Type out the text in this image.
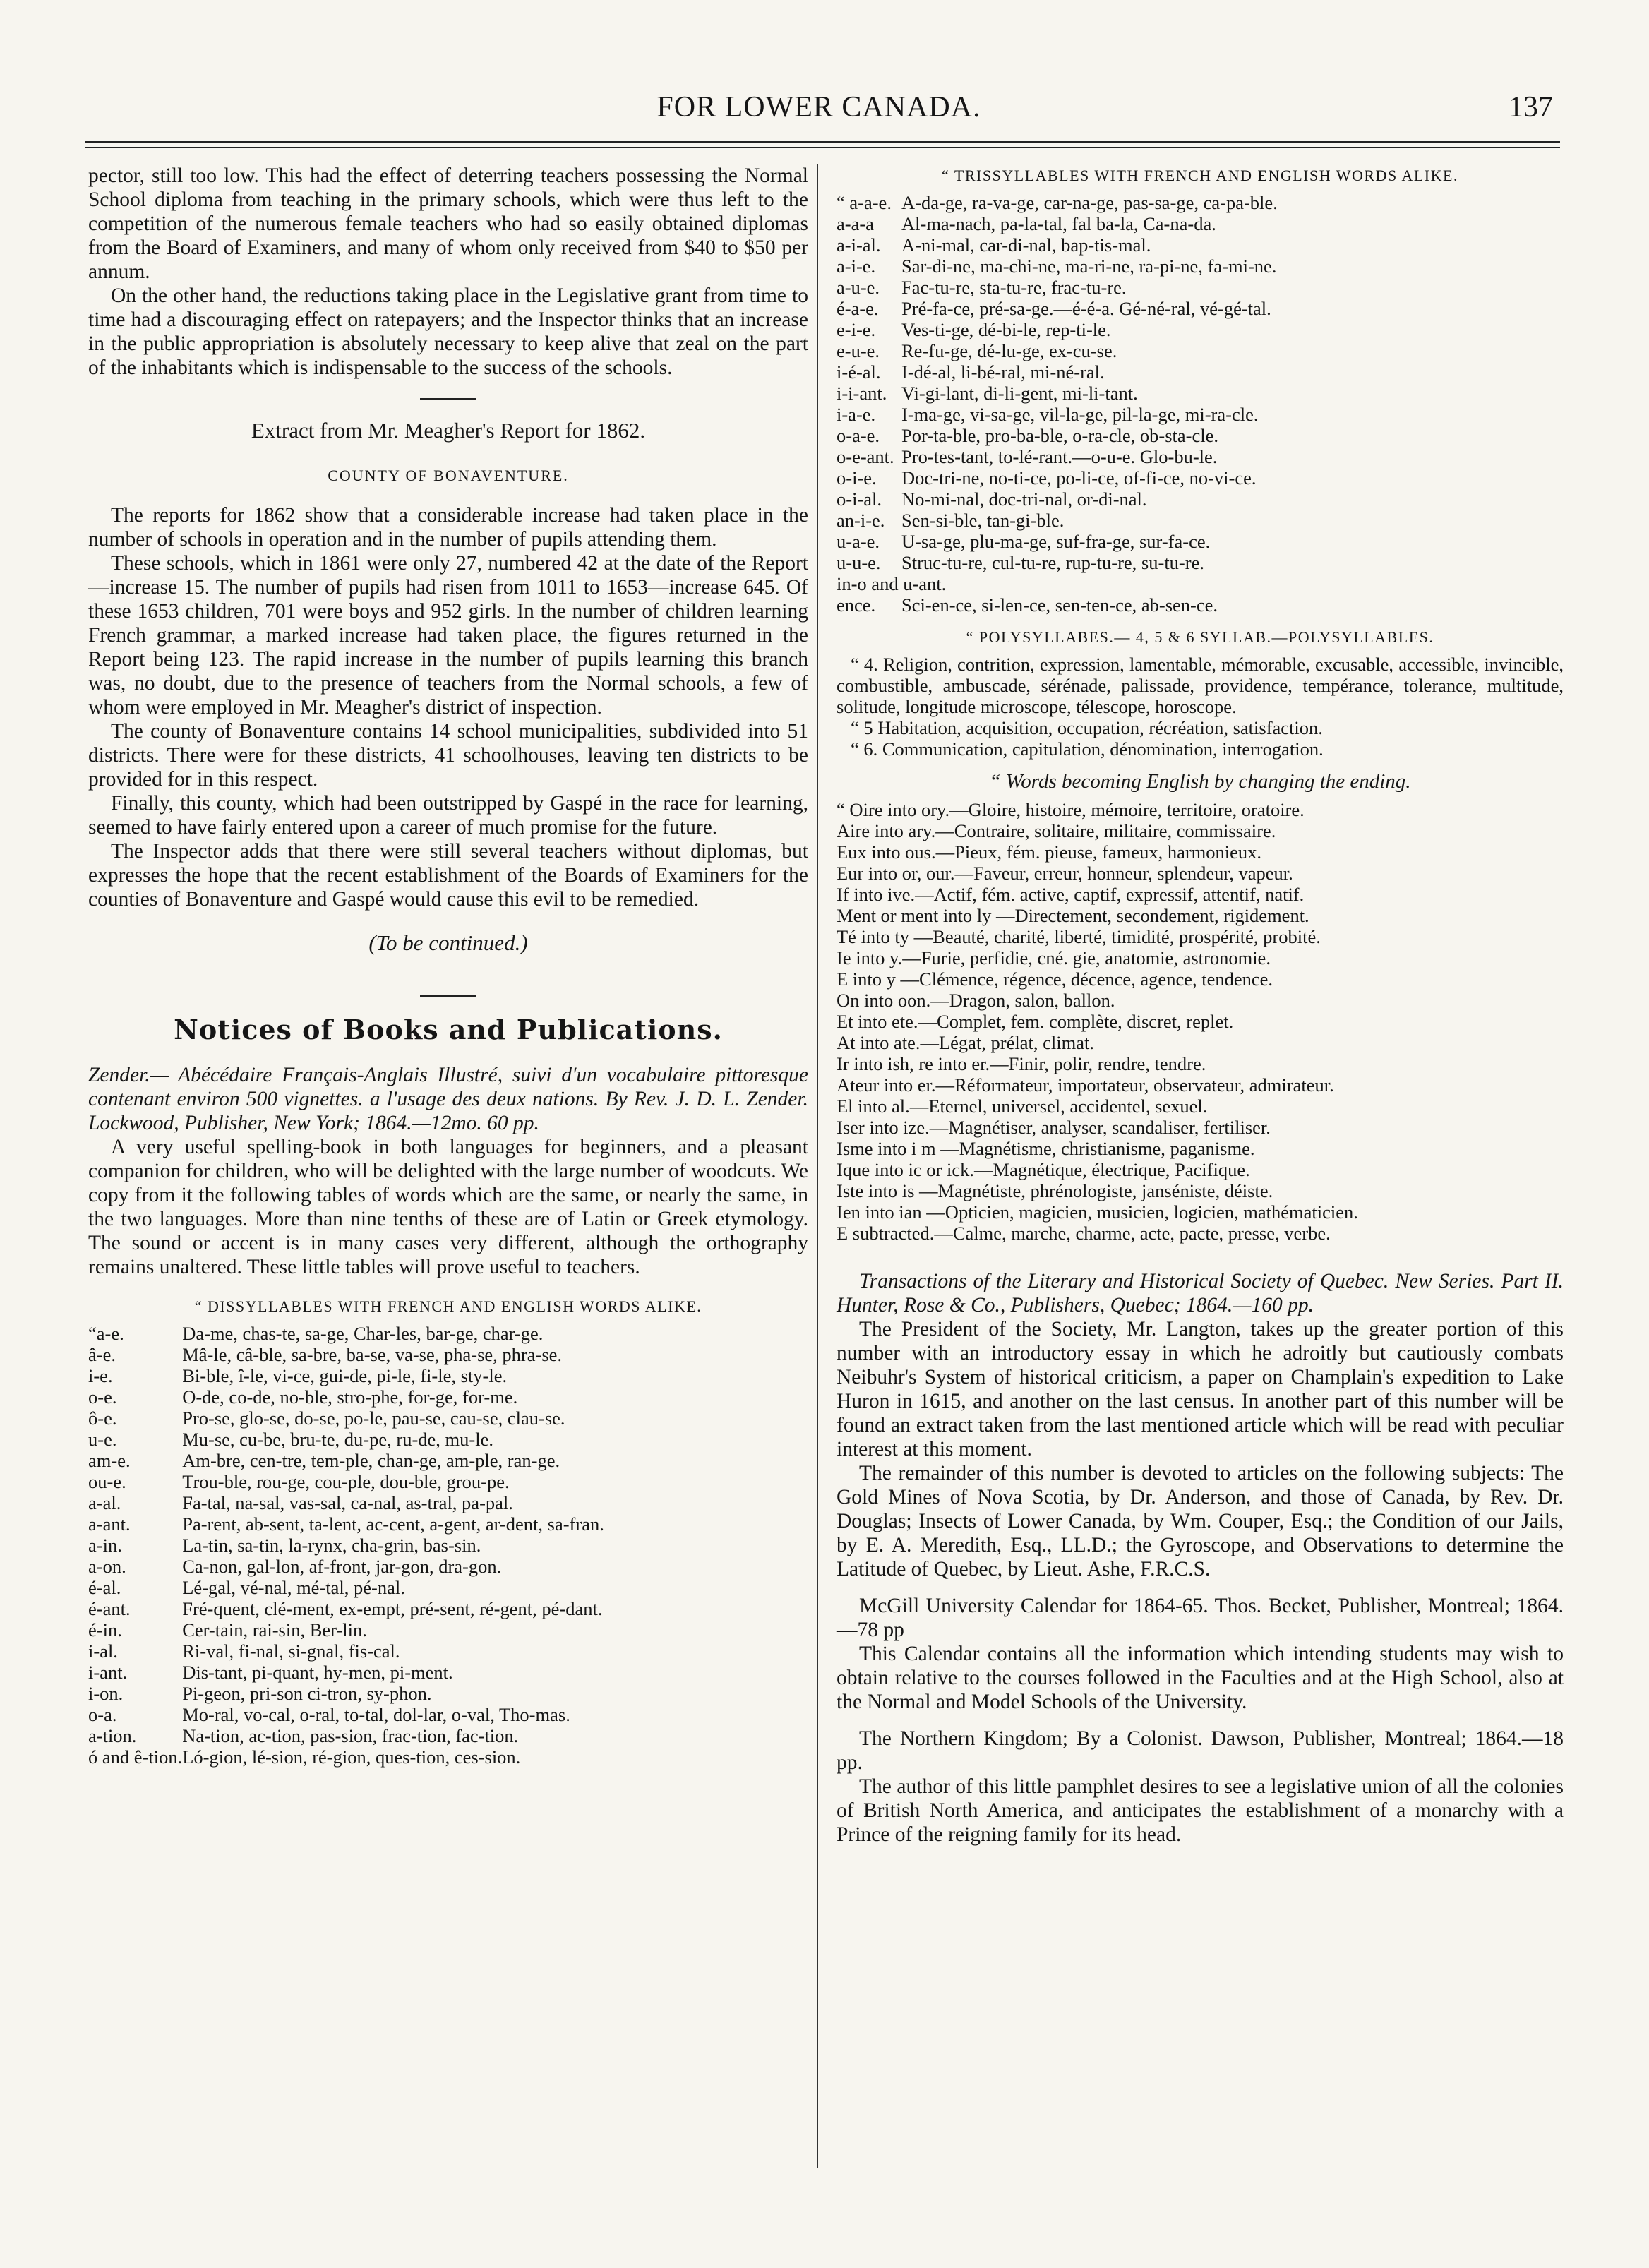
FOR LOWER CANADA.	137

pector, still too low. This had the effect of deterring teachers possessing the Normal School diploma from teaching in the primary schools, which were thus left to the competition of the numerous female teachers who had so easily obtained diplomas from the Board of Examiners, and many of whom only received from $40 to $50 per annum.

On the other hand, the reductions taking place in the Legislative grant from time to time had a discouraging effect on ratepayers; and the Inspector thinks that an increase in the public appropriation is absolutely necessary to keep alive that zeal on the part of the inhabitants which is indispensable to the success of the schools.

Extract from Mr. Meagher's Report for 1862.

COUNTY OF BONAVENTURE.

The reports for 1862 show that a considerable increase had taken place in the number of schools in operation and in the number of pupils attending them.

These schools, which in 1861 were only 27, numbered 42 at the date of the Report—increase 15. The number of pupils had risen from 1011 to 1653—increase 645. Of these 1653 children, 701 were boys and 952 girls. In the number of children learning French grammar, a marked increase had taken place, the figures returned in the Report being 123. The rapid increase in the number of pupils learning this branch was, no doubt, due to the presence of teachers from the Normal schools, a few of whom were employed in Mr. Meagher's district of inspection.

The county of Bonaventure contains 14 school municipalities, subdivided into 51 districts. There were for these districts, 41 schoolhouses, leaving ten districts to be provided for in this respect.

Finally, this county, which had been outstripped by Gaspé in the race for learning, seemed to have fairly entered upon a career of much promise for the future.

The Inspector adds that there were still several teachers without diplomas, but expresses the hope that the recent establishment of the Boards of Examiners for the counties of Bonaventure and Gaspé would cause this evil to be remedied.

(To be continued.)

Notices of Books and Publications.

Zender.— Abécédaire Français-Anglais Illustré, suivi d'un vocabulaire pittoresque contenant environ 500 vignettes. a l'usage des deux nations. By Rev. J. D. L. Zender. Lockwood, Publisher, New York; 1864.—12mo. 60 pp.

A very useful spelling-book in both languages for beginners, and a pleasant companion for children, who will be delighted with the large number of woodcuts. We copy from it the following tables of words which are the same, or nearly the same, in the two languages. More than nine tenths of these are of Latin or Greek etymology. The sound or accent is in many cases very different, although the orthography remains unaltered. These little tables will prove useful to teachers.

“ DISSYLLABLES WITH FRENCH AND ENGLISH WORDS ALIKE.
“a-e.	Da-me, chas-te, sa-ge, Char-les, bar-ge, char-ge.
â-e.	Mâ-le, câ-ble, sa-bre, ba-se, va-se, pha-se, phra-se.
i-e.	Bi-ble, î-le, vi-ce, gui-de, pi-le, fi-le, sty-le.
o-e.	O-de, co-de, no-ble, stro-phe, for-ge, for-me.
ô-e.	Pro-se, glo-se, do-se, po-le, pau-se, cau-se, clau-se.
u-e.	Mu-se, cu-be, bru-te, du-pe, ru-de, mu-le.
am-e.	Am-bre, cen-tre, tem-ple, chan-ge, am-ple, ran-ge.
ou-e.	Trou-ble, rou-ge, cou-ple, dou-ble, grou-pe.
a-al.	Fa-tal, na-sal, vas-sal, ca-nal, as-tral, pa-pal.
a-ant.	Pa-rent, ab-sent, ta-lent, ac-cent, a-gent, ar-dent, sa-fran.
a-in.	La-tin, sa-tin, la-rynx, cha-grin, bas-sin.
a-on.	Ca-non, gal-lon, af-front, jar-gon, dra-gon.
é-al.	Lé-gal, vé-nal, mé-tal, pé-nal.
é-ant.	Fré-quent, clé-ment, ex-empt, pré-sent, ré-gent, pé-dant.
é-in.	Cer-tain, rai-sin, Ber-lin.
i-al.	Ri-val, fi-nal, si-gnal, fis-cal.
i-ant.	Dis-tant, pi-quant, hy-men, pi-ment.
i-on.	Pi-geon, pri-son ci-tron, sy-phon.
o-a.	Mo-ral, vo-cal, o-ral, to-tal, dol-lar, o-val, Tho-mas.
a-tion.	Na-tion, ac-tion, pas-sion, frac-tion, fac-tion.
ó and ê-tion.	Ló-gion, lé-sion, ré-gion, ques-tion, ces-sion.
“ TRISSYLLABLES WITH FRENCH AND ENGLISH WORDS ALIKE.
“ a-a-e.	A-da-ge, ra-va-ge, car-na-ge, pas-sa-ge, ca-pa-ble.
a-a-a	Al-ma-nach, pa-la-tal, fal ba-la, Ca-na-da.
a-i-al.	A-ni-mal, car-di-nal, bap-tis-mal.
a-i-e.	Sar-di-ne, ma-chi-ne, ma-ri-ne, ra-pi-ne, fa-mi-ne.
a-u-e.	Fac-tu-re, sta-tu-re, frac-tu-re.
é-a-e.	Pré-fa-ce, pré-sa-ge.—é-é-a. Gé-né-ral, vé-gé-tal.
e-i-e.	Ves-ti-ge, dé-bi-le, rep-ti-le.
e-u-e.	Re-fu-ge, dé-lu-ge, ex-cu-se.
i-é-al.	I-dé-al, li-bé-ral, mi-né-ral.
i-i-ant.	Vi-gi-lant, di-li-gent, mi-li-tant.
i-a-e.	I-ma-ge, vi-sa-ge, vil-la-ge, pil-la-ge, mi-ra-cle.
o-a-e.	Por-ta-ble, pro-ba-ble, o-ra-cle, ob-sta-cle.
o-e-ant.	Pro-tes-tant, to-lé-rant.—o-u-e. Glo-bu-le.
o-i-e.	Doc-tri-ne, no-ti-ce, po-li-ce, of-fi-ce, no-vi-ce.
o-i-al.	No-mi-nal, doc-tri-nal, or-di-nal.
an-i-e.	Sen-si-ble, tan-gi-ble.
u-a-e.	U-sa-ge, plu-ma-ge, suf-fra-ge, sur-fa-ce.
u-u-e.	Struc-tu-re, cul-tu-re, rup-tu-re, su-tu-re.
in-o and u-ant.	
ence.	Sci-en-ce, si-len-ce, sen-ten-ce, ab-sen-ce.
“ POLYSYLLABES.— 4, 5 & 6 SYLLAB.—POLYSYLLABLES.

“ 4. Religion, contrition, expression, lamentable, mémorable, excusable, accessible, invincible, combustible, ambuscade, sérénade, palissade, providence, tempérance, tolerance, multitude, solitude, longitude microscope, télescope, horoscope.

“ 5 Habitation, acquisition, occupation, récréation, satisfaction.

“ 6. Communication, capitulation, dénomination, interrogation.

“ Words becoming English by changing the ending.
“ Oire into ory.—Gloire, histoire, mémoire, territoire, oratoire.
Aire into ary.—Contraire, solitaire, militaire, commissaire.
Eux into ous.—Pieux, fém. pieuse, fameux, harmonieux.
Eur into or, our.—Faveur, erreur, honneur, splendeur, vapeur.
If into ive.—Actif, fém. active, captif, expressif, attentif, natif.
Ment or ment into ly —Directement, secondement, rigidement.
Té into ty —Beauté, charité, liberté, timidité, prospérité, probité.
Ie into y.—Furie, perfidie, cné. gie, anatomie, astronomie.
E into y —Clémence, régence, décence, agence, tendence.
On into oon.—Dragon, salon, ballon.
Et into ete.—Complet, fem. complète, discret, replet.
At into ate.—Légat, prélat, climat.
Ir into ish, re into er.—Finir, polir, rendre, tendre.
Ateur into er.—Réformateur, importateur, observateur, admirateur.
El into al.—Eternel, universel, accidentel, sexuel.
Iser into ize.—Magnétiser, analyser, scandaliser, fertiliser.
Isme into i m —Magnétisme, christianisme, paganisme.
Ique into ic or ick.—Magnétique, électrique, Pacifique.
Iste into is —Magnétiste, phrénologiste, janséniste, déiste.
Ien into ian —Opticien, magicien, musicien, logicien, mathématicien.
E subtracted.—Calme, marche, charme, acte, pacte, presse, verbe.

Transactions of the Literary and Historical Society of Quebec. New Series. Part II. Hunter, Rose & Co., Publishers, Quebec; 1864.—160 pp.

The President of the Society, Mr. Langton, takes up the greater portion of this number with an introductory essay in which he adroitly but cautiously combats Neibuhr's System of historical criticism, a paper on Champlain's expedition to Lake Huron in 1615, and another on the last census. In another part of this number will be found an extract taken from the last mentioned article which will be read with peculiar interest at this moment.

The remainder of this number is devoted to articles on the following subjects: The Gold Mines of Nova Scotia, by Dr. Anderson, and those of Canada, by Rev. Dr. Douglas; Insects of Lower Canada, by Wm. Couper, Esq.; the Condition of our Jails, by E. A. Meredith, Esq., LL.D.; the Gyroscope, and Observations to determine the Latitude of Quebec, by Lieut. Ashe, F.R.C.S.

McGill University Calendar for 1864-65. Thos. Becket, Publisher, Montreal; 1864.—78 pp

This Calendar contains all the information which intending students may wish to obtain relative to the courses followed in the Faculties and at the High School, also at the Normal and Model Schools of the University.

The Northern Kingdom; By a Colonist. Dawson, Publisher, Montreal; 1864.—18 pp.

The author of this little pamphlet desires to see a legislative union of all the colonies of British North America, and anticipates the establishment of a monarchy with a Prince of the reigning family for its head.
